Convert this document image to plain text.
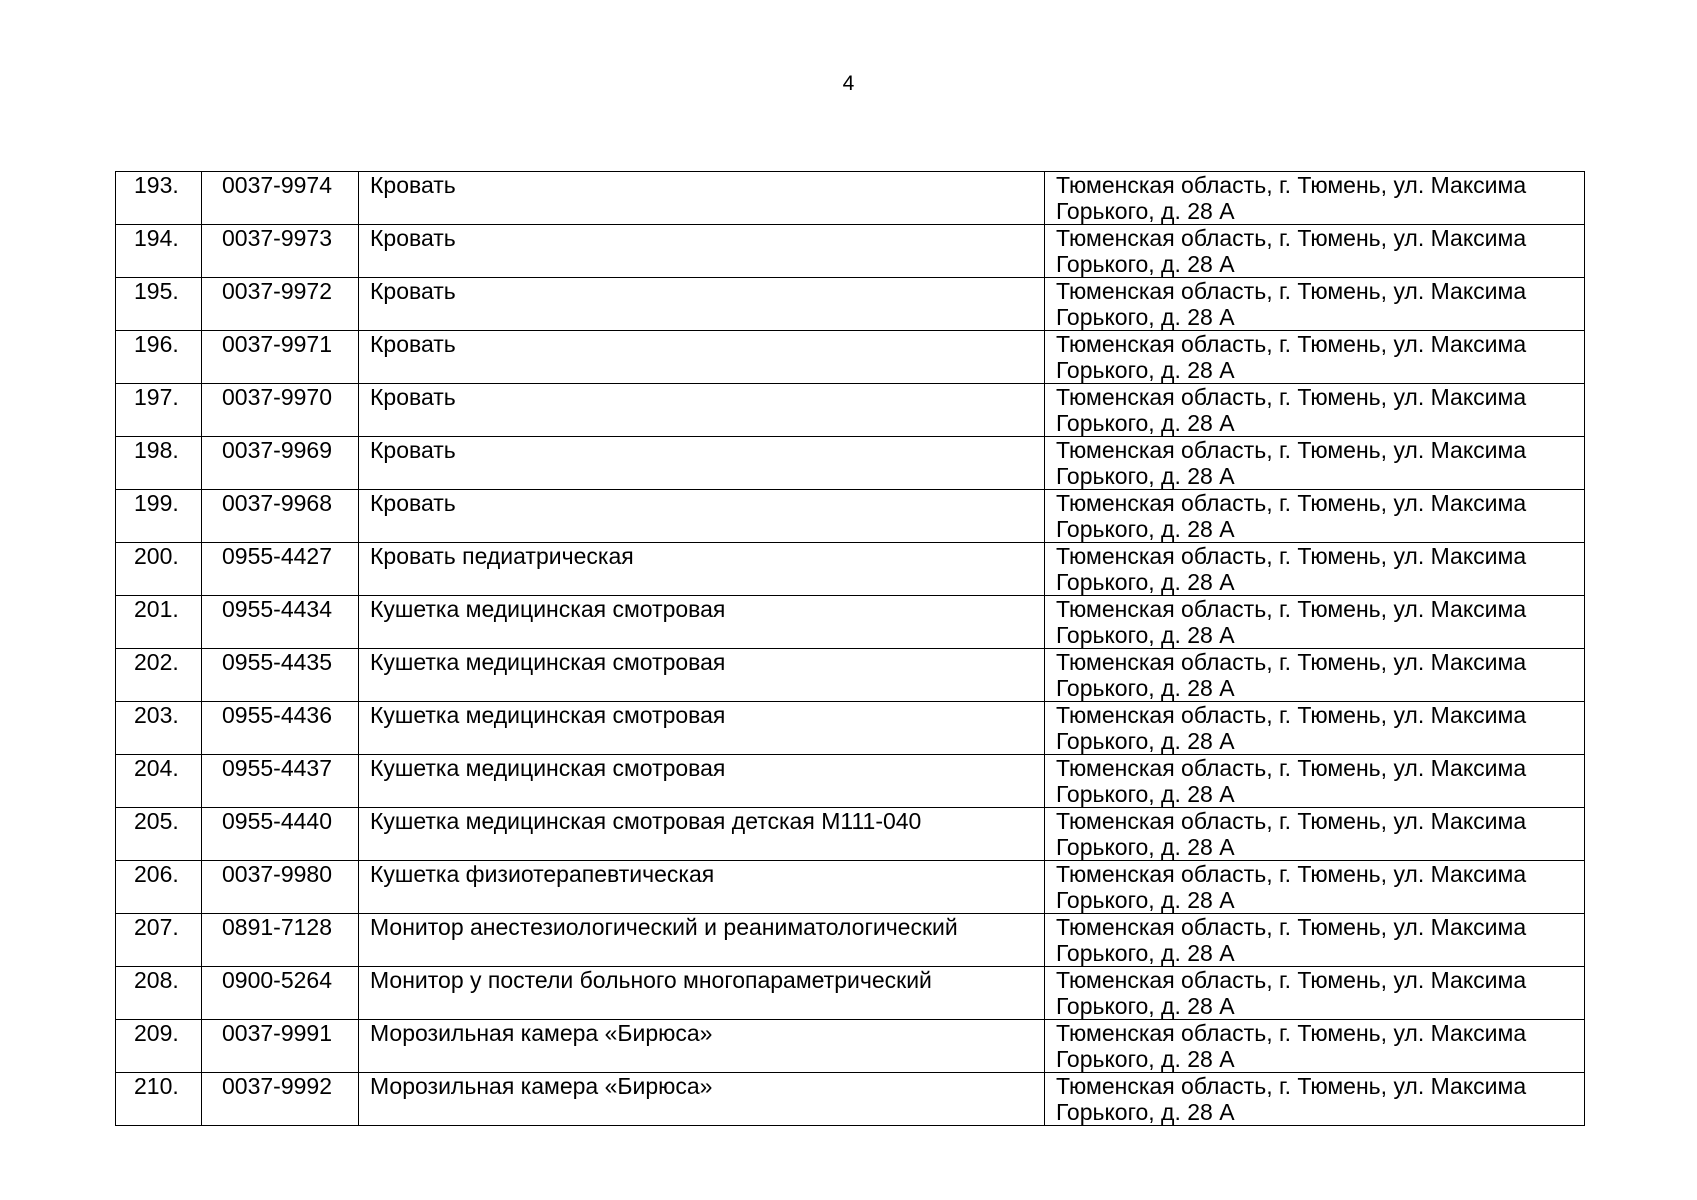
4
193.	0037-9974	Кровать	Тюменская область, г. Тюмень, ул. Максима
Горького, д. 28 А

194.	0037-9973	Кровать	Тюменская область, г. Тюмень, ул. Максима
Горького, д. 28 А

195.	0037-9972	Кровать	Тюменская область, г. Тюмень, ул. Максима
Горького, д. 28 А

196.	0037-9971	Кровать	Тюменская область, г. Тюмень, ул. Максима
Горького, д. 28 А

197.	0037-9970	Кровать	Тюменская область, г. Тюмень, ул. Максима
Горького, д. 28 А

198.	0037-9969	Кровать	Тюменская область, г. Тюмень, ул. Максима
Горького, д. 28 А

199.	0037-9968	Кровать	Тюменская область, г. Тюмень, ул. Максима
Горького, д. 28 А

200.	0955-4427	Кровать педиатрическая	Тюменская область, г. Тюмень, ул. Максима
Горького, д. 28 А

201.	0955-4434	Кушетка медицинская смотровая	Тюменская область, г. Тюмень, ул. Максима
Горького, д. 28 А

202.	0955-4435	Кушетка медицинская смотровая	Тюменская область, г. Тюмень, ул. Максима
Горького, д. 28 А

203.	0955-4436	Кушетка медицинская смотровая	Тюменская область, г. Тюмень, ул. Максима
Горького, д. 28 А

204.	0955-4437	Кушетка медицинская смотровая	Тюменская область, г. Тюмень, ул. Максима
Горького, д. 28 А

205.	0955-4440	Кушетка медицинская смотровая детская М111-040	Тюменская область, г. Тюмень, ул. Максима
Горького, д. 28 А

206.	0037-9980	Кушетка физиотерапевтическая	Тюменская область, г. Тюмень, ул. Максима
Горького, д. 28 А

207.	0891-7128	Монитор анестезиологический и реаниматологический	Тюменская область, г. Тюмень, ул. Максима
Горького, д. 28 А

208.	0900-5264	Монитор у постели больного многопараметрический	Тюменская область, г. Тюмень, ул. Максима
Горького, д. 28 А

209.	0037-9991	Морозильная камера «Бирюса»	Тюменская область, г. Тюмень, ул. Максима
Горького, д. 28 А

210.	0037-9992	Морозильная камера «Бирюса»	Тюменская область, г. Тюмень, ул. Максима
Горького, д. 28 А
